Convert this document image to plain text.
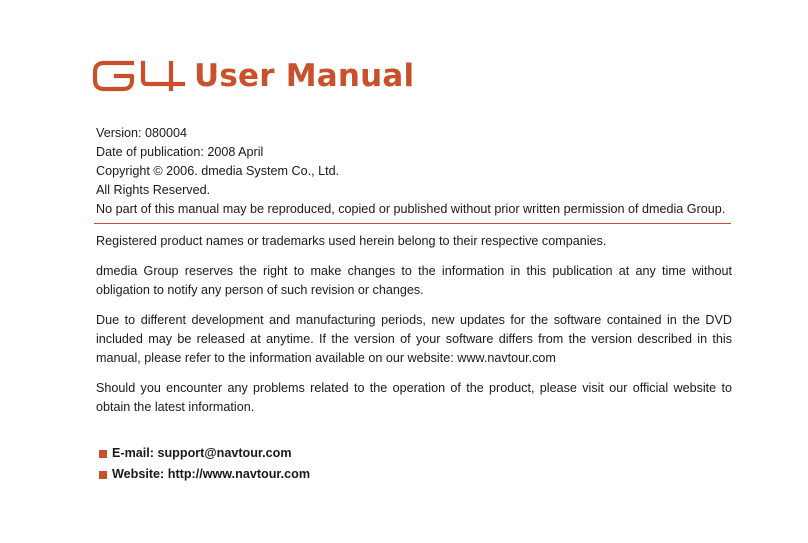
User Manual
Version: 080004
Date of publication: 2008 April
Copyright © 2006. dmedia System Co., Ltd.
All Rights Reserved.
No part of this manual may be reproduced, copied or published without prior written permission of dmedia Group.

Registered product names or trademarks used herein belong to their respective companies.

dmedia Group reserves the right to make changes to the information in this publication at any time without obligation to notify any person of such revision or changes.

Due to different development and manufacturing periods, new updates for the software contained in the DVD included may be released at anytime. If the version of your software differs from the version described in this manual, please refer to the information available on our website: www.navtour.com

Should you encounter any problems related to the operation of the product, please visit our official website to obtain the latest information.

E-mail: support@navtour.com
Website: http://www.navtour.com
